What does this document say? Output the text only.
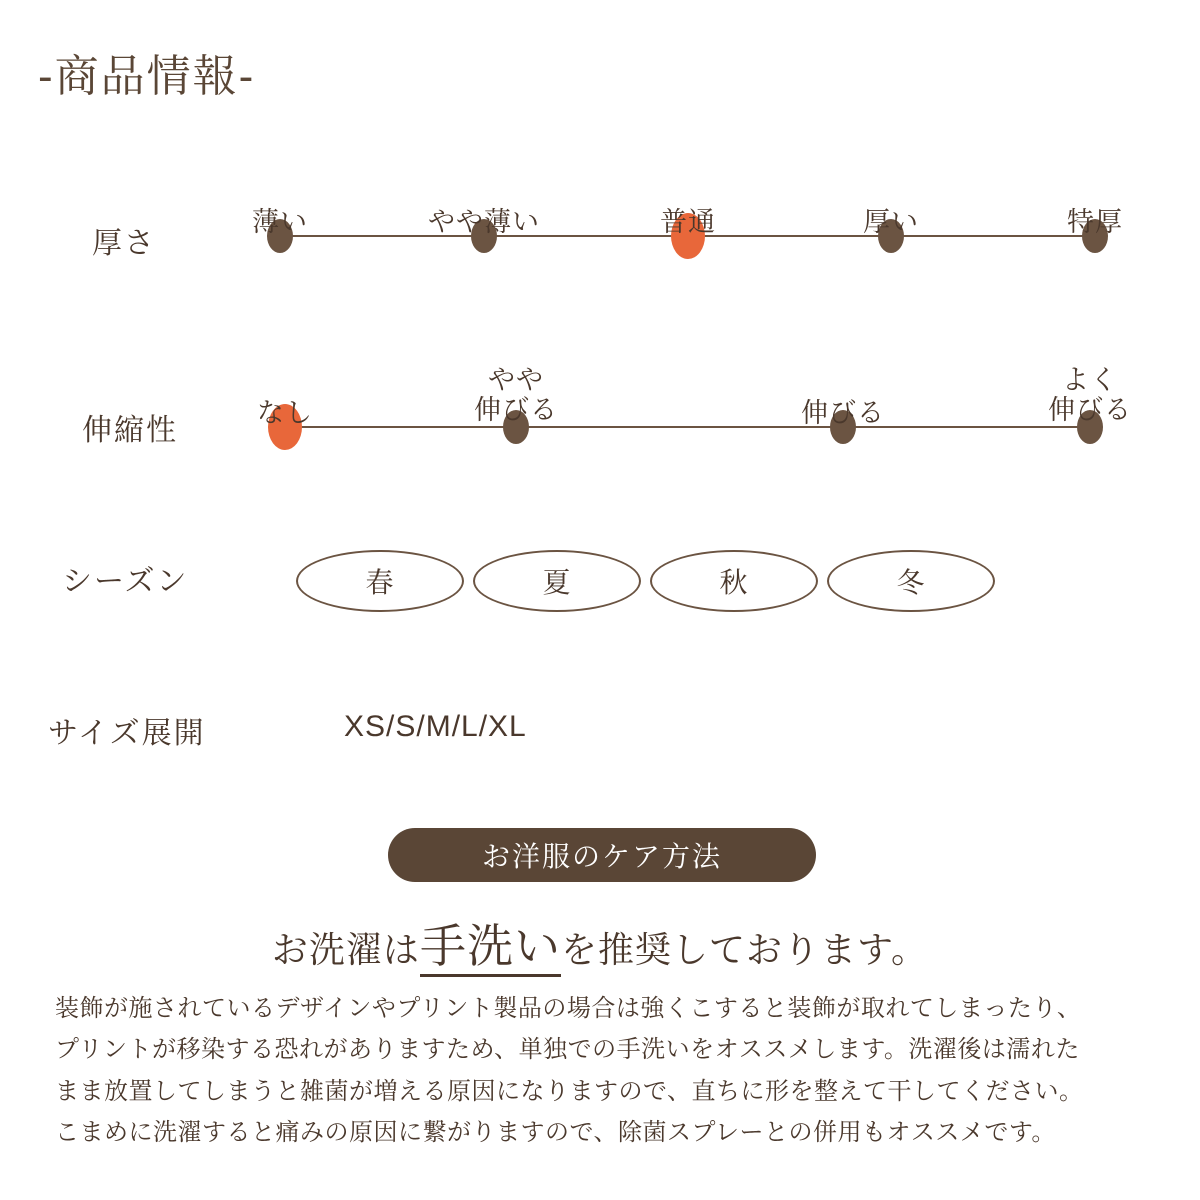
-商品情報-
厚さ
薄い	やや薄い	普通	厚い	特厚
伸縮性
なし
やや
伸びる	伸びる
よく
伸びる
シーズン	春	夏	秋	冬
サイズ展開	XS/S/M/L/XL
お洋服のケア方法
お洗濯は手洗いを推奨しております。

装飾が施されているデザインやプリント製品の場合は強くこすると装飾が取れてしまったり、

プリントが移染する恐れがありますため、単独での手洗いをオススメします。洗濯後は濡れた

まま放置してしまうと雑菌が増える原因になりますので、直ちに形を整えて干してください。

こまめに洗濯すると痛みの原因に繋がりますので、除菌スプレーとの併用もオススメです。
